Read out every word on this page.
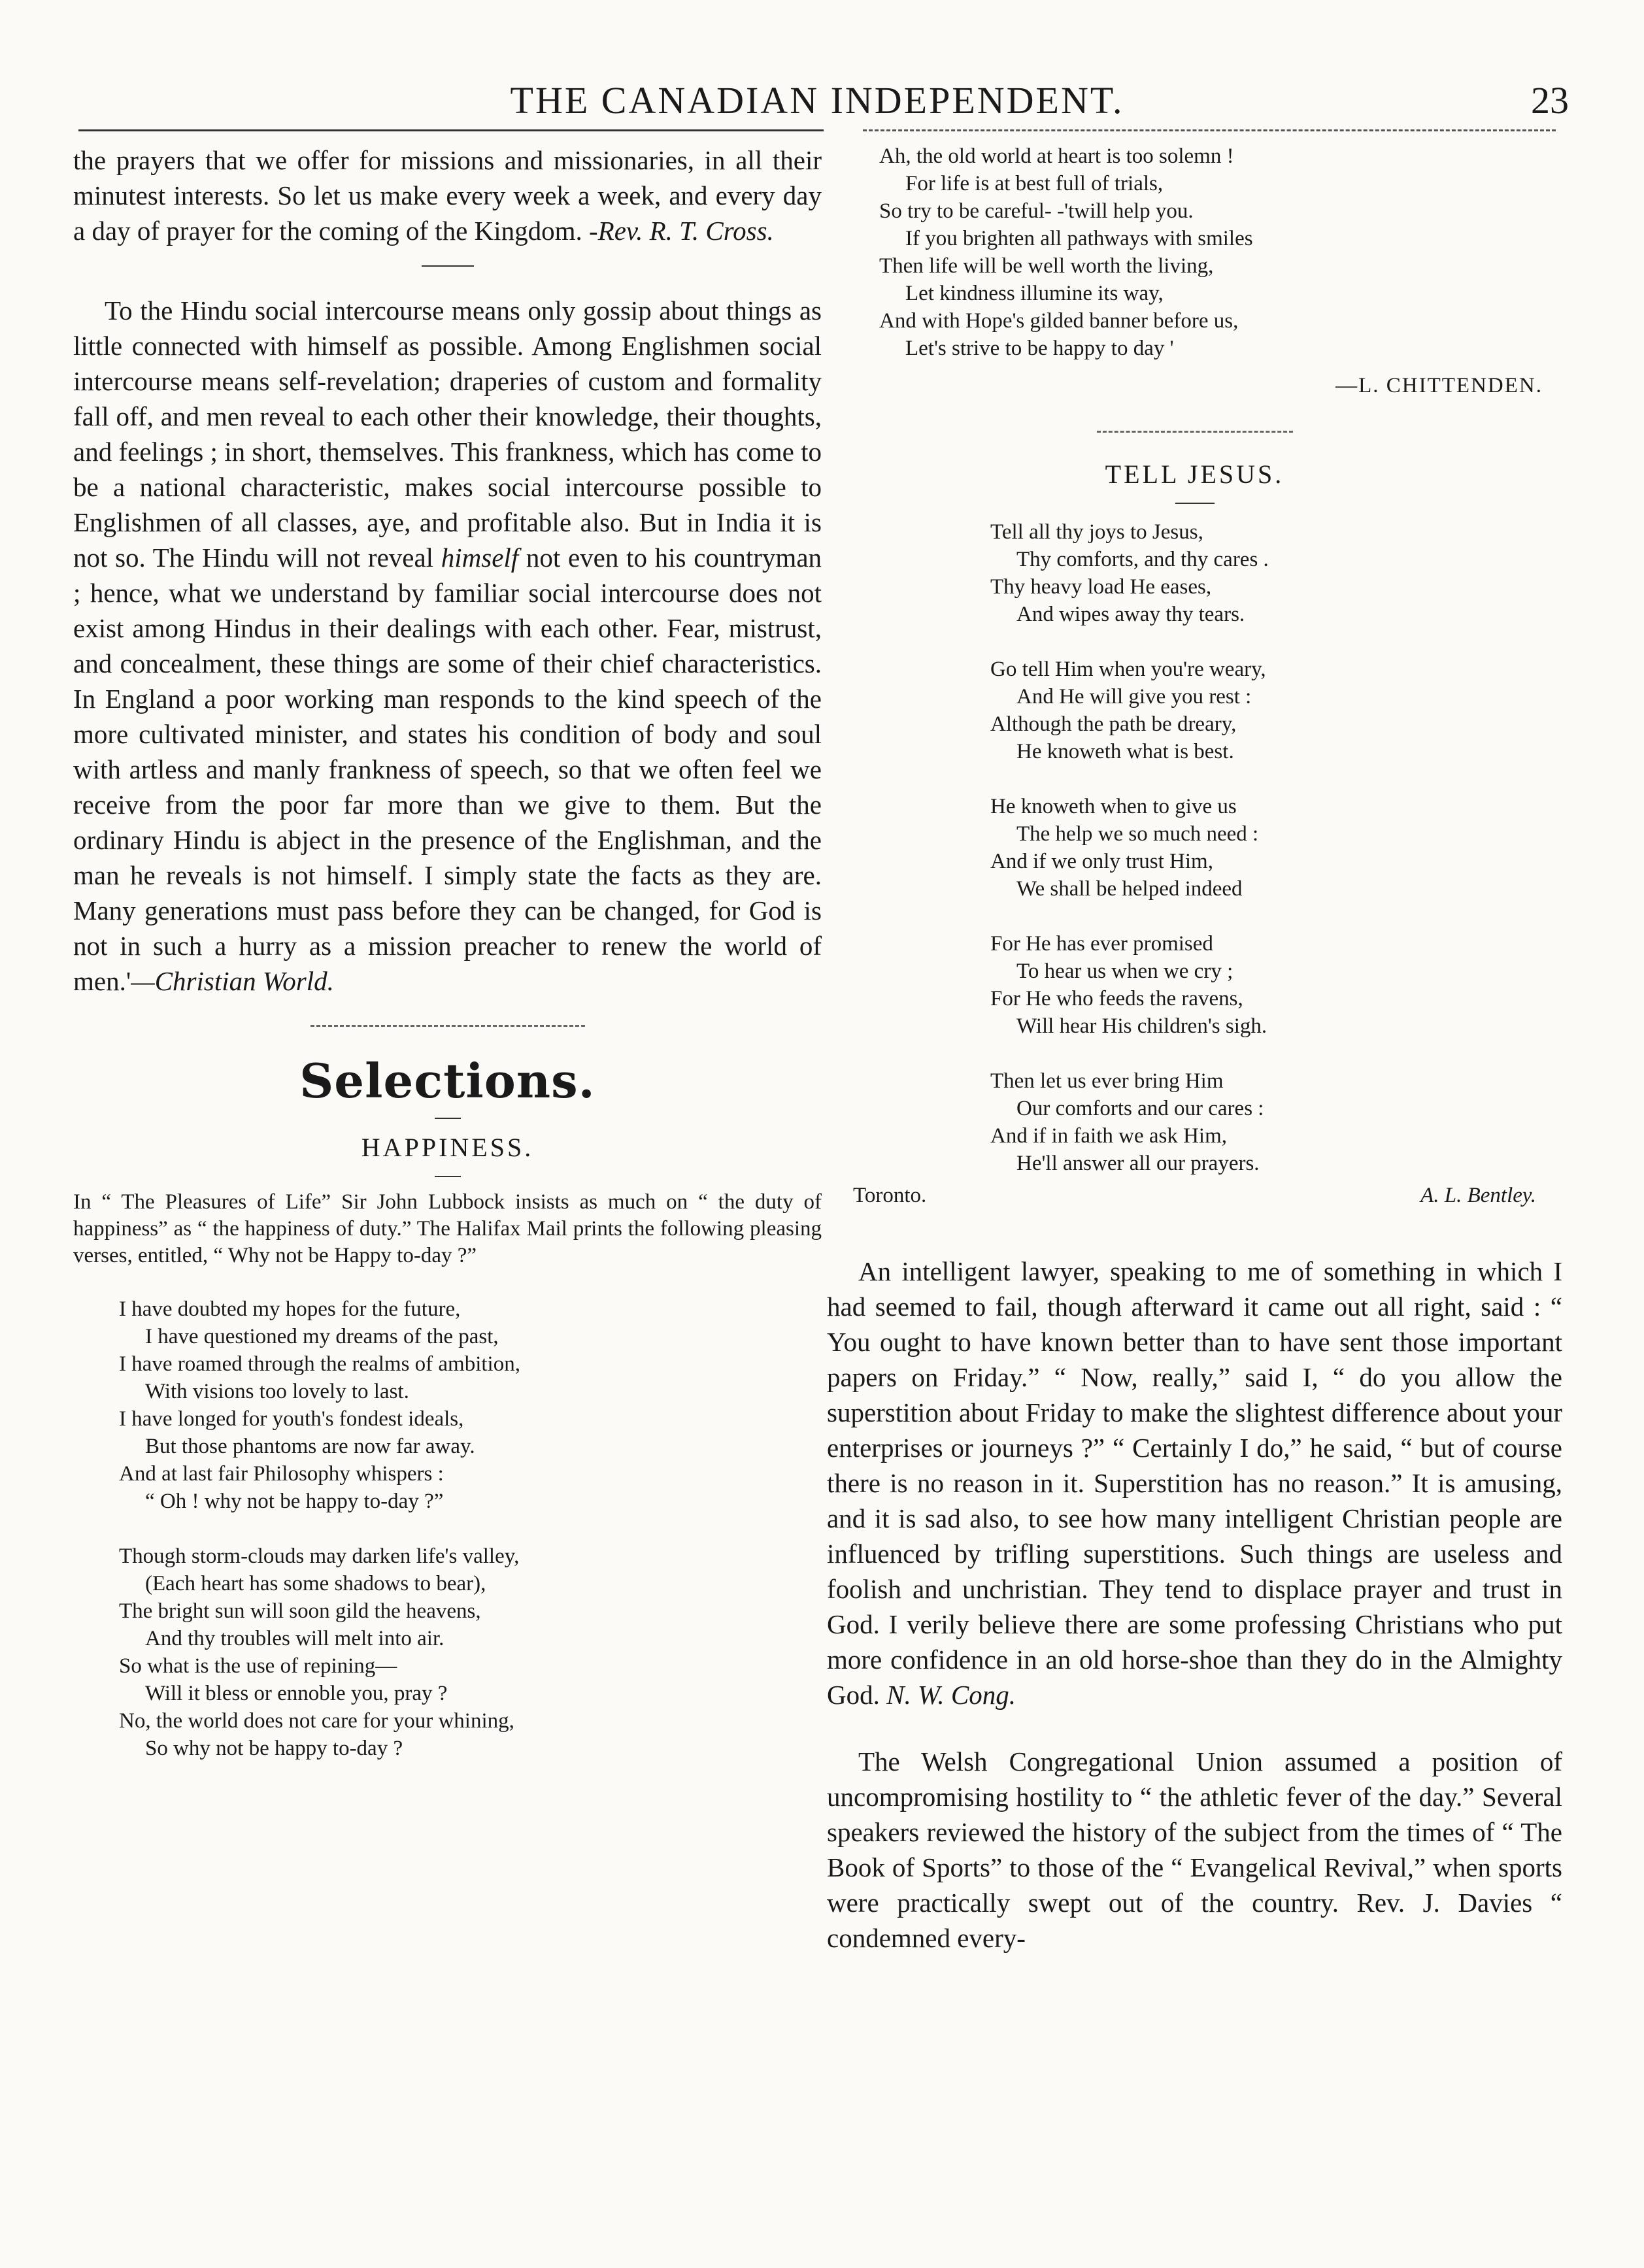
THE CANADIAN INDEPENDENT.	23

the prayers that we offer for missions and missionaries, in all their minutest interests. So let us make every week a week, and every day a day of prayer for the coming of the Kingdom. -Rev. R. T. Cross.

To the Hindu social intercourse means only gossip about things as little connected with himself as possible. Among Englishmen social intercourse means self-revelation; draperies of custom and formality fall off, and men reveal to each other their knowledge, their thoughts, and feelings ; in short, themselves. This frankness, which has come to be a national characteristic, makes social intercourse possible to Englishmen of all classes, aye, and profitable also. But in India it is not so. The Hindu will not reveal himself not even to his countryman ; hence, what we understand by familiar social intercourse does not exist among Hindus in their dealings with each other. Fear, mistrust, and concealment, these things are some of their chief characteristics. In England a poor working man responds to the kind speech of the more cultivated minister, and states his condition of body and soul with artless and manly frankness of speech, so that we often feel we receive from the poor far more than we give to them. But the ordinary Hindu is abject in the presence of the Englishman, and the man he reveals is not himself. I simply state the facts as they are. Many generations must pass before they can be changed, for God is not in such a hurry as a mission preacher to renew the world of men.'—Christian World.

Selections.
HAPPINESS.

In “ The Pleasures of Life” Sir John Lubbock insists as much on “ the duty of happiness” as “ the happiness of duty.” The Halifax Mail prints the following pleasing verses, entitled, “ Why not be Happy to-day ?”

I have doubted my hopes for the future,
I have questioned my dreams of the past,
I have roamed through the realms of ambition,
With visions too lovely to last.
I have longed for youth's fondest ideals,
But those phantoms are now far away.
And at last fair Philosophy whispers :
“ Oh ! why not be happy to-day ?”
Though storm-clouds may darken life's valley,
(Each heart has some shadows to bear),
The bright sun will soon gild the heavens,
And thy troubles will melt into air.
So what is the use of repining—
Will it bless or ennoble you, pray ?
No, the world does not care for your whining,
So why not be happy to-day ?
Ah, the old world at heart is too solemn !
For life is at best full of trials,
So try to be careful- -'twill help you.
If you brighten all pathways with smiles
Then life will be well worth the living,
Let kindness illumine its way,
And with Hope's gilded banner before us,
Let's strive to be happy to day '
—L. CHITTENDEN.
TELL JESUS.
Tell all thy joys to Jesus,
Thy comforts, and thy cares .
Thy heavy load He eases,
And wipes away thy tears.
Go tell Him when you're weary,
And He will give you rest :
Although the path be dreary,
He knoweth what is best.
He knoweth when to give us
The help we so much need :
And if we only trust Him,
We shall be helped indeed
For He has ever promised
To hear us when we cry ;
For He who feeds the ravens,
Will hear His children's sigh.
Then let us ever bring Him
Our comforts and our cares :
And if in faith we ask Him,
He'll answer all our prayers.
Toronto.	A. L. Bentley.

An intelligent lawyer, speaking to me of something in which I had seemed to fail, though afterward it came out all right, said : “ You ought to have known better than to have sent those important papers on Friday.” “ Now, really,” said I, “ do you allow the superstition about Friday to make the slightest difference about your enterprises or journeys ?” “ Certainly I do,” he said, “ but of course there is no reason in it. Superstition has no reason.” It is amusing, and it is sad also, to see how many intelligent Christian people are influenced by trifling superstitions. Such things are useless and foolish and unchristian. They tend to displace prayer and trust in God. I verily believe there are some professing Christians who put more confidence in an old horse-shoe than they do in the Almighty God. N. W. Cong.

The Welsh Congregational Union assumed a position of uncompromising hostility to “ the athletic fever of the day.” Several speakers reviewed the history of the subject from the times of “ The Book of Sports” to those of the “ Evangelical Revival,” when sports were practically swept out of the country. Rev. J. Davies “ condemned every-
